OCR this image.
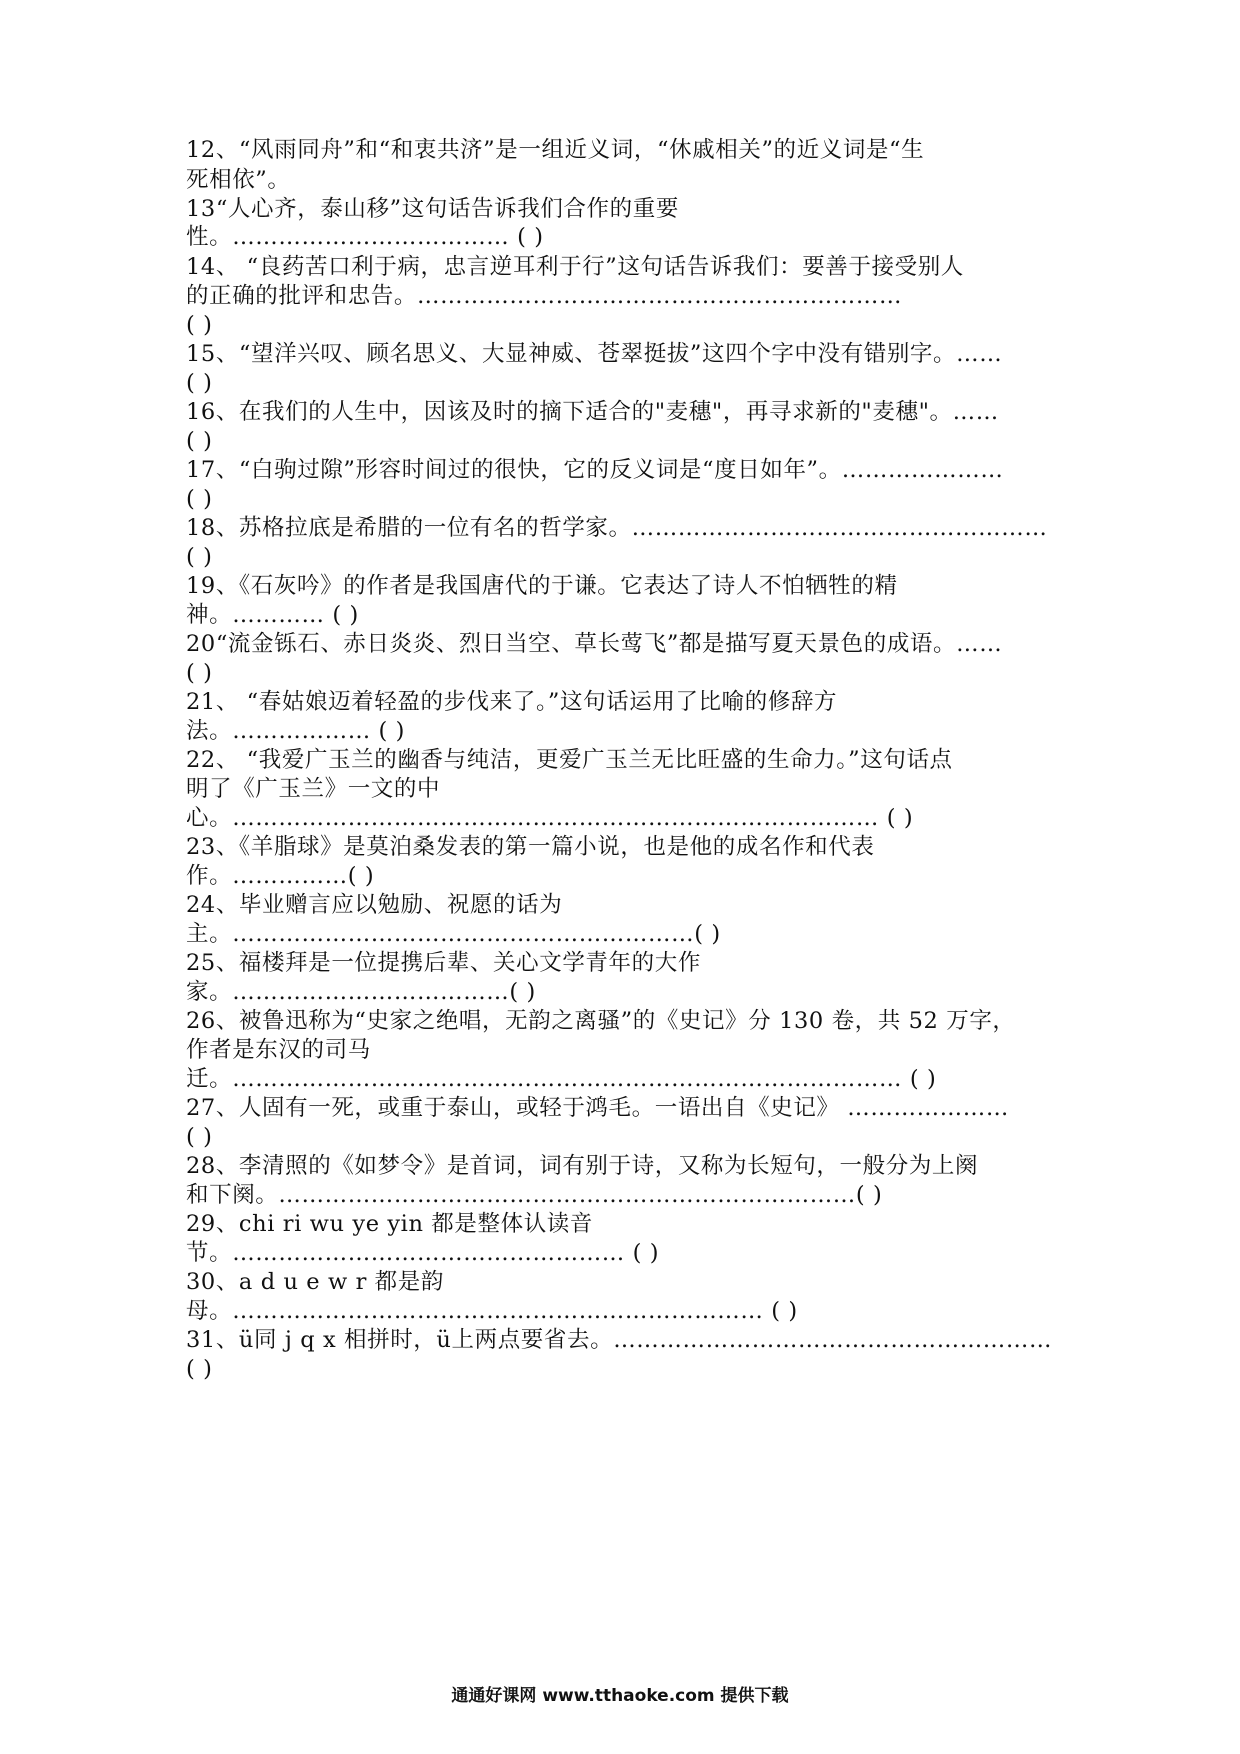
12、“风雨同舟”和“和衷共济”是一组近义词，“休戚相关”的近义词是“生
死相依”。
13“人心齐，泰山移”这句话告诉我们合作的重要
性。……………………………… ( )
14、 “良药苦口利于病，忠言逆耳利于行”这句话告诉我们：要善于接受别人
的正确的批评和忠告。………………………………………………………
( )
15、“望洋兴叹、顾名思义、大显神威、苍翠挺拔”这四个字中没有错别字。……
( )
16、在我们的人生中，因该及时的摘下适合的"麦穗"，再寻求新的"麦穗"。……
( )
17、“白驹过隙”形容时间过的很快，它的反义词是“度日如年”。…………………
( )
18、苏格拉底是希腊的一位有名的哲学家。………………………………………………
( )
19、《石灰吟》的作者是我国唐代的于谦。它表达了诗人不怕牺牲的精
神。………… ( )
20“流金铄石、赤日炎炎、烈日当空、草长莺飞”都是描写夏天景色的成语。……
( )
21、 “春姑娘迈着轻盈的步伐来了。”这句话运用了比喻的修辞方
法。……………… ( )
22、 “我爱广玉兰的幽香与纯洁，更爱广玉兰无比旺盛的生命力。”这句话点
明了《广玉兰》一文的中
心。………………………………………………………………………… ( )
23、《羊脂球》是莫泊桑发表的第一篇小说，也是他的成名作和代表
作。……………( )
24、毕业赠言应以勉励、祝愿的话为
主。……………………………………………………( )
25、福楼拜是一位提携后辈、关心文学青年的大作
家。………………………………( )
26、被鲁迅称为“史家之绝唱，无韵之离骚”的《史记》分 130 卷，共 52 万字，
作者是东汉的司马
迁。…………………………………………………………………………… ( )
27、人固有一死，或重于泰山，或轻于鸿毛。一语出自《史记》 …………………
( )
28、李清照的《如梦令》是首词，词有别于诗，又称为长短句，一般分为上阕
和下阕。…………………………………………………………………( )
29、chi ri wu ye yin 都是整体认读音
节。…………………………………………… ( )
30、a d u e w r 都是韵
母。…………………………………………………………… ( )
31、ü同 j q x 相拼时，ü上两点要省去。…………………………………………………
( )
通通好课网 www.tthaoke.com 提供下载
